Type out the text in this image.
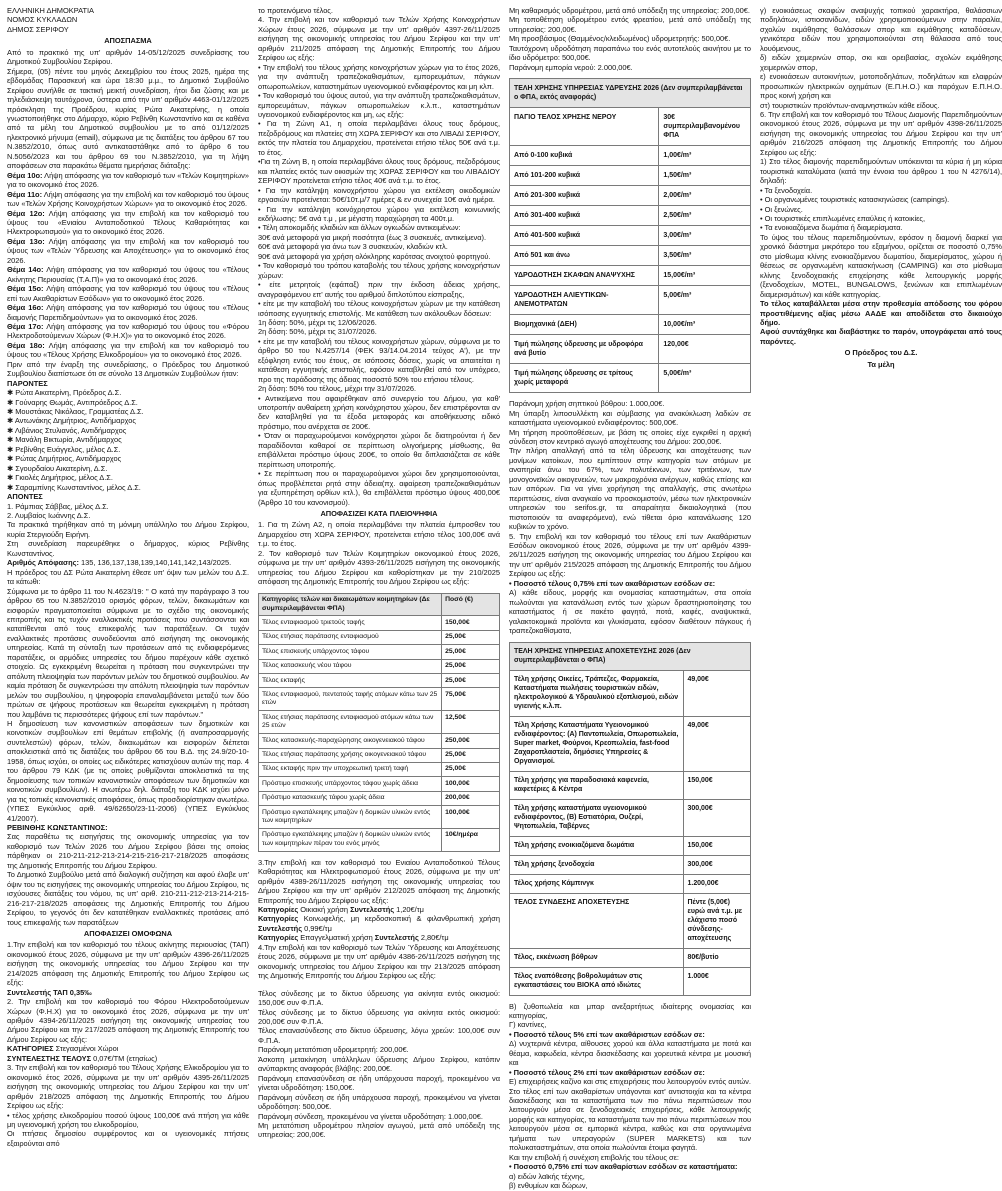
ΕΛΛΗΝΙΚΗ ΔΗΜΟΚΡΑΤΙΑ
ΝΟΜΟΣ ΚΥΚΛΑΔΩΝ
ΔΗΜΟΣ ΣΕΡΙΦΟΥ
ΑΠΟΣΠΑΣΜΑ
Από το πρακτικό της υπ' αριθμόν 14-05/12/2025 συνεδρίασης του Δημοτικού Συμβουλίου Σερίφου.
Σήμερα, (05) πέντε του μηνός Δεκεμβρίου του έτους 2025, ημέρα της εβδομάδας Παρασκευή και ώρα 18:30 μ.μ., το Δημοτικό Συμβούλιο Σερίφου συνήλθε σε τακτική μεικτή συνεδρίαση, ήτοι δια ζώσης και με τηλεδιάσκεψη ταυτόχρονα, ύστερα από την υπ' αριθμόν 4463-01/12/2025 πρόσκληση της Προέδρου, κυρίας Ρώτα Αικατερίνης, η οποία γνωστοποιήθηκε στο Δήμαρχο, κύριο Ρεβίνθη Κωνσταντίνο και σε καθένα από τα μέλη του Δημοτικού συμβουλίου με το από 01/12/2025 ηλεκτρονικό μήνυμα (email), σύμφωνα με τις διατάξεις του άρθρου 67 του Ν.3852/2010, όπως αυτό αντικαταστάθηκε από το άρθρο 6 του Ν.5056/2023 και του άρθρου 69 του Ν.3852/2010, για τη λήψη αποφάσεων στα παρακάτω θέματα ημερήσιας διάταξης:
Θέμα 10ο: Λήψη απόφασης για τον καθορισμό των «Τελών Κοιμητηρίων» για το οικονομικό έτος 2026.
Θέμα 11ο: Λήψη απόφασης για την επιβολή και τον καθορισμό του ύψους των «Τελών Χρήσης Κοινοχρήστων Χώρων» για το οικονομικό έτος 2026.
Θέμα 12ο: Λήψη απόφασης για την επιβολή και τον καθορισμό του ύψους του «Ενιαίου Ανταποδοτικού Τέλους Καθαριότητας και Ηλεκτροφωτισμού» για το οικονομικό έτος 2026.
Θέμα 13ο: Λήψη απόφασης για την επιβολή και τον καθορισμό του ύψους των «Τελών Ύδρευσης και Αποχέτευσης» για το οικονομικό έτος 2026.
Θέμα 14ο: Λήψη απόφασης για τον καθορισμό του ύψους του «Τέλους Ακίνητης Περιουσίας (Τ.Α.Π)» για το οικονομικό έτος 2026.
Θέμα 15ο: Λήψη απόφασης για τον καθορισμό του ύψους του «Τέλους επί των Ακαθαρίστων Εσόδων» για το οικονομικό έτος 2026.
Θέμα 16ο: Λήψη απόφασης για τον καθορισμό του ύψους του «Τέλους διαμονής Παρεπιδημούντων» για το οικονομικό έτος 2026.
Θέμα 17ο: Λήψη απόφασης για τον καθορισμό του ύψους του «Φόρου Ηλεκτροδοτούμενων Χώρων (Φ.Η.Χ)» για το οικονομικό έτος 2026.
Θέμα 18ο: Λήψη απόφασης για την επιβολή και τον καθορισμό του ύψους του «Τέλους Χρήσης Ελικοδρομίου» για το οικονομικό έτος 2026.
Πριν από την έναρξη της συνεδρίασης, ο Πρόεδρος του Δημοτικού Συμβουλίου διαπίστωσε ότι σε σύνολο 13 Δημοτικών Συμβούλων ήταν:
ΠΑΡΟΝΤΕΣ
✱ Ρώτα Αικατερίνη, Πρόεδρος Δ.Σ.
✱ Γούναρης Θωμάς, Αντιπρόεδρος Δ.Σ.
✱ Μουστάκας Νικόλαος, Γραμματέας Δ.Σ.
✱ Αντωνάκης Δημήτριος, Αντιδήμαρχος
✱ Λιβάνιος Στυλιανός, Αντιδήμαρχος
✱ Μανάλη Βικτωρία, Αντιδήμαρχος
✱ Ρεβίνθης Ευάγγελος, μέλος Δ.Σ.
✱ Ρώτας Δημήτριος, Αντιδήμαρχος
✱ Σγουρδαίου Αικατερίνη, Δ.Σ.
✱ Γκιολές Δημήτριος, μέλος Δ.Σ.
✱ Σαραμπίνης Κωνσταντίνος, μέλος Δ.Σ.
ΑΠΟΝΤΕΣ
1. Ράμπιας Σάββας, μέλος Δ.Σ.
2. Λυμβαίος Ιωάννης Δ.Σ.
Τα πρακτικά τηρήθηκαν από τη μόνιμη υπάλληλο του Δήμου Σερίφου, κυρία Στεργιούδη Ειρήνη.
Στη συνεδρίαση παρευρέθηκε ο δήμαρχος, κύριος Ρεβίνθης Κωνσταντίνος.
Αριθμός Απόφασης: 135, 136,137,138,139,140,141,142,143/2025.
Η πρόεδρος του ΔΣ Ρώτα Αικατερίνη έθεσε υπ' όψιν των μελών του Δ.Σ. τα κάτωθι:
Σύμφωνα με το άρθρο 11 του Ν.4623/19: " Ο κατά την παράγραφο 3 του άρθρου 65 του Ν.3852/2010 ορισμός φόρων, τελών, δικαιωμάτων και εισφορών πραγματοποιείται σύμφωνα με το σχέδιο της οικονομικής επιτροπής και τις τυχόν εναλλακτικές προτάσεις που συντάσσονται και κατατίθενται από τους επικεφαλής των παρατάξεων. Οι τυχόν εναλλακτικές προτάσεις συνοδεύονται από εισήγηση της οικονομικής υπηρεσίας. Κατά τη σύνταξη των προτάσεων από τις ενδιαφερόμενες παρατάξεις, οι αρμόδιες υπηρεσίες του δήμου παρέχουν κάθε σχετικό στοιχείο. Ως εγκεκριμένη θεωρείται η πρόταση που συγκεντρώνει την απόλυτη πλειοψηφία των παρόντων μελών του δημοτικού συμβουλίου. Αν καμία πρόταση δε συγκεντρώσει την απόλυτη πλειοψηφία των παρόντων μελών του συμβουλίου, η ψηφοφορία επαναλαμβάνεται μεταξύ των δύο πρώτων σε ψήφους προτάσεων και θεωρείται εγκεκριμένη η πρόταση που λαμβάνει τις περισσότερες ψήφους επί των παρόντων."
Η δημοσίευση των κανονιστικών αποφάσεων των δημοτικών και κοινοτικών συμβουλίων επί θεμάτων επιβολής (ή αναπροσαρμογής συντελεστών) φόρων, τελών, δικαιωμάτων και εισφορών διέπεται αποκλειστικά από τις διατάξεις του άρθρου 66 του Β.Δ. της 24.9/20-10-1958, όπως ισχύει, οι οποίες ως ειδικότερες κατισχύουν αυτών της παρ. 4 του άρθρου 79 ΚΔΚ (με τις οποίες ρυθμίζονται αποκλειστικά τα της δημοσίευσης των τοπικών κανονιστικών αποφάσεων των δημοτικών και κοινοτικών συμβουλίων). Η ανωτέρω δηλ. διάταξη του ΚΔΚ ισχύει μόνο για τις τοπικές κανονιστικές αποφάσεις, όπως προσδιορίστηκαν ανωτέρω. (ΥΠΕΣ Εγκύκλιος αριθ. 49/62650/23-11-2006) (ΥΠΕΣ Εγκύκλιος 41/2007).
ΡΕΒΙΝΘΗΣ ΚΩΝΣΤΑΝΤΙΝΟΣ:
Σας παραθέτω τις εισηγήσεις της οικονομικής υπηρεσίας για τον καθορισμό των Τελών 2026 του Δήμου Σερίφου βάσει της οποίας πάρθηκαν οι 210-211-212-213-214-215-216-217-218/2025 αποφάσεις της Δημοτικής Επιτροπής του Δήμου Σερίφου.
Το Δημοτικό Συμβούλιο μετά από διαλογική συζήτηση και αφού έλαβε υπ' όψιν του τις εισηγήσεις της οικονομικής υπηρεσίας του Δήμου Σερίφου, τις ισχύουσες διατάξεις του νόμου, τις υπ' αριθ. 210-211-212-213-214-215-216-217-218/2025 αποφάσεις της Δημοτικής Επιτροπής του Δήμου Σερίφου, το γεγονός ότι δεν κατατέθηκαν εναλλακτικές προτάσεις από τους επικεφαλής των παρατάξεων
ΑΠΟΦΑΣΙΖΕΙ ΟΜΟΦΩΝΑ
1.Την επιβολή και τον καθορισμό του τέλους ακίνητης περιουσίας (ΤΑΠ) οικονομικού έτους 2026, σύμφωνα με την υπ' αριθμών 4396-26/11/2025 εισήγηση της οικονομικής υπηρεσίας του Δήμου Σερίφου και την 214/2025 απόφαση της Δημοτικής Επιτροπής του Δήμου Σερίφου ως εξής:
Συντελεστής ΤΑΠ 0,35‰
2. Την επιβολή και τον καθορισμό του Φόρου Ηλεκτροδοτούμενων Χώρων (Φ.Η.Χ) για το οικονομικό έτος 2026, σύμφωνα με την υπ' αριθμόν 4394-26/11/2025 εισήγηση της οικονομικής υπηρεσίας του Δήμου Σερίφου και την 217/2025 απόφαση της Δημοτικής Επιτροπής του Δήμου Σερίφου ως εξής:
ΚΑΤΗΓΟΡΙΕΣ Στεγασμένοι Χώροι
ΣΥΝΤΕΛΕΣΤΗΣ ΤΕΛΟΥΣ 0,07€/ΤΜ (ετησίως)
3. Την επιβολή και τον καθορισμό του Τέλους Χρήσης Ελικοδρομίου για το οικονομικό έτος 2026, σύμφωνα με την υπ' αριθμόν 4395-26/11/2025 εισήγηση της οικονομικής υπηρεσίας του Δήμου Σερίφου και την υπ' αριθμόν 218/2025 απόφαση της Δημοτικής Επιτροπής του Δήμου Σερίφου ως εξής:
• τέλος χρήσης ελικοδρομίου ποσού ύψους 100,00€ ανά πτήση για κάθε μη υγειονομική χρήση του ελικοδρομίου,
Οι πτήσεις δημοσίου συμφέροντος και οι υγειονομικές πτήσεις εξαιρούνται από
το προτεινόμενο τέλος.
4. Την επιβολή και τον καθορισμό των Τελών Χρήσης Κοινοχρήστων Χώρων έτους 2026, σύμφωνα με την υπ' αριθμόν 4397-26/11/2025 εισήγηση της οικονομικής υπηρεσίας του Δήμου Σερίφου και την υπ' αριθμόν 211/2025 απόφαση της Δημοτικής Επιτροπής του Δήμου Σερίφου ως εξής:
• Την επιβολή του τέλους χρήσης κοινοχρήστων χώρων για το έτος 2026, για την ανάπτυξη τραπεζοκαθισμάτων, εμπορευμάτων, πάγκων οπωροπωλείων, καταστημάτων υγειονομικού ενδιαφέροντος και μη κλπ.
• Τον καθορισμό του ύψους αυτού, για την ανάπτυξη τραπεζοκαθισμάτων, εμπορευμάτων, πάγκων οπωροπωλείων κ.λ.π., καταστημάτων υγειονομικού ενδιαφέροντος και μη, ως εξής:
• Για τη Ζώνη Α1, η οποία περιλαμβάνει όλους τους δρόμους, πεζοδρόμους και πλατείες στη ΧΩΡΑ ΣΕΡΙΦΟΥ και στο ΛΙΒΑΔΙ ΣΕΡΙΦΟΥ, εκτός την πλατεία του Δημαρχείου, προτείνεται ετήσιο τέλος 50€ ανά τ.μ. το έτος.
•Για τη Ζώνη Β, η οποία περιλαμβάνει όλους τους δρόμους, πεζοδρόμους και πλατείες εκτός των οικισμών της ΧΩΡΑΣ ΣΕΡΙΦΟΥ και του ΛΙΒΑΔΙΟΥ ΣΕΡΙΦΟΥ προτείνεται ετήσιο τέλος 40€ ανά τ.μ. το έτος.
• Για την κατάληψη κοινοχρήστου χώρου για εκτέλεση οικοδομικών εργασιών προτείνεται: 50€/10τ.μ/7 ημέρες & εν συνεχεία 10€ ανά ημέρα.
• Για την κατάληψη κοινόχρηστου χώρου για εκτέλεση κοινωνικής εκδήλωσης: 5€ ανά τ.μ , με μέγιστη παραχώρηση τα 400τ.μ.
• Τέλη αποκομιδής κλαδιών και άλλων ογκωδών αντικειμένων:
30€ ανά μεταφορά για μικρή ποσότητα (έως 3 συσκευές, αντικείμενα).
60€ ανά μεταφορά για άνω των 3 συσκευών, κλαδιών κτλ.
90€ ανά μεταφορά για χρήση ολόκληρης καρότσας ανοιχτού φορτηγού.
• Τον καθορισμό του τρόπου καταβολής του τέλους χρήσης κοινοχρήστων χώρων:
• είτε μετρητοίς (εφάπαξ) πριν την έκδοση άδειας χρήσης, αναγραφόμενου επ' αυτής του αριθμού διπλοτύπου είσπραξης,
• είτε με την καταβολή του τέλους κοινοχρήστων χώρων με την κατάθεση ισόποσης εγγυητικής επιστολής. Με κατάθεση των ακόλουθων δόσεων:
1η δόση: 50%, μέχρι τις 12/06/2026.
2η δόση: 50%, μέχρι τις 31/07/2026.
• είτε με την καταβολή του τέλους κοινοχρήστων χώρων, σύμφωνα με το άρθρο 50 του Ν.4257/14 (ΦΕΚ 93/14.04.2014 τεύχος Α'), με την εξόφληση εντός του έτους, σε ισόποσες δόσεις, χωρίς να απαιτείται η κατάθεση εγγυητικής επιστολής, εφόσον καταβληθεί από τον υπόχρεο, προ της παράδοσης της άδειας ποσοστό 50% του ετήσιου τέλους.
2η δόση: 50% του τέλους, μέχρι την 31/07/2026.
• Αντικείμενα που αφαιρέθηκαν από συνεργείο του Δήμου, για καθ' υποτροπήν αυθαίρετη χρήση κοινόχρηστου χώρου, δεν επιστρέφονται αν δεν καταβληθεί για τα έξοδα μεταφοράς και αποθήκευσης ειδικό πρόστιμο, που ανέρχεται σε 200€.
• Όταν οι παραχωρούμενοι κοινόχρηστοι χώροι δε διατηρούνται ή δεν παραδίδονται καθαροί σε περίπτωση ολιγοήμερης μίσθωσης, θα επιβάλλεται πρόστιμο ύψους 200€, το οποίο θα διπλασιάζεται σε κάθε περίπτωση υποτροπής.
• Σε περίπτωση που οι παραχωρούμενοι χώροι δεν χρησιμοποιούνται, όπως προβλέπεται ρητά στην άδεια(πχ. αφαίρεση τραπεζοκαθισμάτων για εξυπηρέτηση ορθίων κτλ.), θα επιβάλλεται πρόστιμο ύψους 400,00€ (Άρθρο 10 του κανονισμού).
ΑΠΟΦΑΣΙΖΕΙ ΚΑΤΑ ΠΛΕΙΟΨΗΦΙΑ
1. Για τη Ζώνη Α2, η οποία περιλαμβάνει την πλατεία έμπροσθεν του Δημαρχείου στη ΧΩΡΑ ΣΕΡΙΦΟΥ, προτείνεται ετήσιο τέλος 100,00€ ανά τ.μ. το έτος.
2. Τον καθορισμό των Τελών Κοιμητηρίων οικονομικού έτους 2026, σύμφωνα με την υπ' αριθμόν 4393-26/11/2025 εισήγηση της οικονομικής υπηρεσίας του Δήμου Σερίφου και καθορίστηκαν με την 210/2025 απόφαση της Δημοτικής Επιτροπής του Δήμου Σερίφου ως εξής:
Κατηγορίες τελών και δικαιωμάτων κοιμητηρίων (Δε συμπεριλαμβάνεται ΦΠΑ)	Ποσό (€)
Τέλος ενταφιασμού τριετούς ταφής	150,00€
Τέλος ετήσιας παράτασης ενταφιασμού	25,00€
Τέλος επισκευής υπάρχοντος τάφου	25,00€
Τέλος κατασκευής νέου τάφου	25,00€
Τέλος εκταφής	25,00€
Τέλος ενταφιασμού, πεντατούς ταφής ατόμων κάτω των 25 ετών	75,00€
Τέλος ετήσιας παράτασης ενταφιασμού ατόμων κάτω των 25 ετών	12,50€
Τέλος κατασκευής-παραχώρησης οικογενειακού τάφου	250,00€
Τέλος ετήσιας παράτασης χρήσης οικογενειακού τάφου	25,00€
Τέλος εκταφής πριν την υποχρεωτική τριετή ταφή	25,00€
Πρόστιμο επισκευής υπάρχοντος τάφου χωρίς άδεια	100,00€
Πρόστιμο κατασκευής τάφου χωρίς άδεια	200,00€
Πρόστιμο εγκατάλειψης μπαζών ή δομικών υλικών εντός των κοιμητηρίων	100,00€
Πρόστιμο εγκατάλειψης μπαζών ή δομικών υλικών εντός των κοιμητηρίων πέραν του ενός μηνός	10€/ημέρα
3.Την επιβολή και τον καθορισμό του Ενιαίου Ανταποδοτικού Τέλους Καθαριότητας και Ηλεκτροφωτισμού έτους 2026, σύμφωνα με την υπ' αριθμόν 4389-26/11/2025 εισήγηση της οικονομικής υπηρεσίας του Δήμου Σερίφου και την υπ' αριθμόν 212/2025 απόφαση της Δημοτικής Επιτροπής του Δήμου Σερίφου ως εξής:
Κατηγορίες Οικιακή χρήση Συντελεστής 1,20€/τμ
Κατηγορίες Κοινωφελής, μη κερδοσκοπική & φιλανθρωπική χρήση Συντελεστής 0,99€/τμ
Κατηγορίες Επαγγελματική χρήση Συντελεστής 2,80€/τμ
4.Την επιβολή και τον καθορισμό των Τελών Ύδρευσης και Αποχέτευσης έτους 2026, σύμφωνα με την υπ' αριθμόν 4386-26/11/2025 εισήγηση της οικονομικής υπηρεσίας του Δήμου Σερίφου και την 213/2025 απόφαση της Δημοτικής Επιτροπής του Δήμου Σερίφου ως εξής:
Τέλος σύνδεσης με το δίκτυο ύδρευσης για ακίνητα εντός οικισμού: 150,00€ συν Φ.Π.Α.
Τέλος σύνδεσης με το δίκτυο ύδρευσης για ακίνητα εκτός οικισμού: 200,00€ συν Φ.Π.Α.
Τέλος επανασύνδεσης στο δίκτυο ύδρευσης, λόγω χρεών: 100,00€ συν Φ.Π.Α.
Παράνομη μετατόπιση υδρομετρητή: 200,00€.
Άσκοπη μετακίνηση υπάλληλων ύδρευσης Δήμου Σερίφου, κατόπιν ανύπαρκτης αναφοράς βλάβης: 200,00€.
Παράνομη επανασύνδεση σε ήδη υπάρχουσα παροχή, προκειμένου να γίνεται υδροδότηση: 150,00€.
Παράνομη σύνδεση σε ήδη υπάρχουσα παροχή, προκειμένου να γίνεται υδροδότηση: 500,00€.
Παράνομη σύνδεση, προκειμένου να γίνεται υδροδότηση: 1.000,00€.
Μη μετατόπιση υδρομέτρου πλησίον αγωγού, μετά από υπόδειξη της υπηρεσίας: 200,00€.
Μη καθαρισμός υδρομέτρου, μετά από υπόδειξη της υπηρεσίας: 200,00€.
Μη τοποθέτηση υδρομέτρου εντός φρεατίου, μετά από υπόδειξη της υπηρεσίας: 200,00€.
Μη προσβάσιμος (Θαμμένος/κλειδωμένος) υδρομετρητής: 500,00€.
Ταυτόχρονη υδροδότηση παραπάνω του ενός αυτοτελούς ακινήτου με το ίδιο υδρόμετρο: 500,00€.
Παράνομη εμπορία νερού: 2.000,00€.
ΤΕΛΗ ΧΡΗΣΗΣ ΥΠΗΡΕΣΙΑΣ ΥΔΡΕΥΣΗΣ 2026 (Δεν συμπεριλαμβάνεται ο ΦΠΑ, εκτός αναφοράς)	
ΠΑΓΙΟ ΤΕΛΟΣ ΧΡΗΣΗΣ ΝΕΡΟΥ	30€ συμπεριλαμβανομένου ΦΠΑ
Από 0-100 κυβικά	1,00€/m³
Από 101-200 κυβικά	1,50€/m³
Από 201-300 κυβικά	2,00€/m³
Από 301-400 κυβικά	2,50€/m³
Από 401-500 κυβικά	3,00€/m³
Από 501 και άνω	3,50€/m³
ΥΔΡΟΔΟΤΗΣΗ ΣΚΑΦΩΝ ΑΝΑΨΥΧΗΣ	15,00€/m³
ΥΔΡΟΔΟΤΗΣΗ ΑΛΙΕΥΤΙΚΩΝ-ΑΝΕΜΟΤΡΑΤΩΝ	5,00€/m³
Βιομηχανικά (ΔΕΗ)	10,00€/m³
Τιμή πώλησης ύδρευσης με υδροφόρα ανά βυτίο	120,00€
Τιμή πώλησης ύδρευσης σε τρίτους χωρίς μεταφορά	5,00€/m³
Παράνομη χρήση σηπτικού βόθρου: 1.000,00€.
Μη ύπαρξη λιποσυλλέκτη και σύμβασης για ανακύκλωση λαδιών σε καταστήματα υγειονομικού ενδιαφέροντος: 500,00€.
Μη τήρηση προϋποθέσεων, με βάση τις οποίες είχε εγκριθεί η αρχική σύνδεση στον κεντρικό αγωγό αποχέτευσης του Δήμου: 200,00€.
Την πλήρη απαλλαγή από τα τέλη ύδρευσης και αποχέτευσης των μονίμων κατοίκων, που εμπίπτουν στην κατηγορία των ατόμων με αναπηρία άνω του 67%, των πολυτέκνων, των τριτέκνων, των μονογονεϊκών οικογενειών, των μακροχρόνια ανέργων, καθώς επίσης και των απόρων. Για να γίνει χορήγηση της απαλλαγής, στις ανωτέρω περιπτώσεις, είναι αναγκαίο να προσκομιστούν, μέσω των ηλεκτρονικών υπηρεσιών του serifos.gr, τα απαραίτητα δικαιολογητικά (που πιστοποιούν τα αναφερόμενα), ενώ τίθεται όριο κατανάλωσης 120 κυβικών το χρόνο.
5. Την επιβολή και τον καθορισμό του τέλους επί των Ακαθάριστων Εσόδων οικονομικού έτους 2026, σύμφωνα με την υπ' αριθμόν 4399-26/11/2025 εισήγηση της οικονομικής υπηρεσίας του Δήμου Σερίφου και την υπ' αριθμόν 215/2025 απόφαση της Δημοτικής Επιτροπής του Δήμου Σερίφου ως εξής:
• Ποσοστό τέλους 0,75% επί των ακαθάριστων εσόδων σε:
Α) κάθε είδους, μορφής και ονομασίας καταστημάτων, στα οποία πωλούνται για κατανάλωση εντός των χώρων δραστηριοποίησης του καταστήματος ή σε πακέτο φαγητά, ποτά, καφές, αναψυκτικά, γαλακτοκομικά προϊόντα και γλυκίσματα, εφόσον διαθέτουν πάγκους ή τραπεζοκαθίσματα,
ΤΕΛΗ ΧΡΗΣΗΣ ΥΠΗΡΕΣΙΑΣ ΑΠΟΧΕΤΕΥΣΗΣ 2026 (Δεν συμπεριλαμβάνεται ο ΦΠΑ)	
Τέλη χρήσης Οικείες, Τράπεζες, Φαρμακεία, Καταστήματα πωλήσεις τουριστικών ειδών, ηλεκτρολογικού & Υδραυλικού εξοπλισμού, ειδών υγιεινής κ.λ.π.	49,00€
Τέλη Χρήσης Καταστήματα Υγειονομικού ενδιαφέροντος: (Α) Παντοπωλεία, Οπωροπωλεία, Super market, Φούρνοι, Κρεοπωλεία, fast-food Ζαχαροπλαστεία, δημόσιες Υπηρεσίες & Οργανισμοί.	49,00€
Τέλη χρήσης για παραδοσιακά καφενεία, καφετέριες & Κέντρα	150,00€
Τέλη χρήσης καταστήματα υγειονομικού ενδιαφέροντος, (Β) Εστιατόρια, Ουζερί, Ψητοπωλεία, Ταβέρνες	300,00€
Τέλη χρήσης ενοικιαζόμενα δωμάτια	150,00€
Τέλη χρήσης ξενοδοχεία	300,00€
Τέλος χρήσης Κάμπινγκ	1.200,00€
ΤΕΛΟΣ ΣΥΝΔΕΣΗΣ ΑΠΟΧΕΤΕΥΣΗΣ	Πέντε (5,00€) ευρώ ανά τ.μ. με ελάχιστο ποσό σύνδεσης-αποχέτευσης
Τέλος, εκκένωση βόθρων	80€/βυτίο
Τέλος εναπόθεσης βοθρολυμάτων στις εγκαταστάσεις του ΒΙΟΚΑ από ιδιώτες	1.000€
Β) ζυθοπωλεία και μπαρ ανεξαρτήτως ιδιαίτερης ονομασίας και κατηγορίας,
Γ) καντίνες,
• Ποσοστό τέλους 5% επί των ακαθάριστων εσόδων σε:
Δ) νυχτερινά κέντρα, αίθουσες χορού και άλλα καταστήματα με ποτά και θέαμα, καφωδεία, κέντρα διασκέδασης και χορευτικά κέντρα με μουσική και
• Ποσοστό τέλους 2% επί των ακαθάριστων εσόδων σε:
Ε) επιχειρήσεις καζίνο και στις επιχειρήσεις που λειτουργούν εντός αυτών.
Στο τέλος επί των ακαθαρίστων υπάγονται κατ' αντιστοιχία και τα κέντρα διασκέδασης και τα καταστήματα των πιο πάνω περιπτώσεων που λειτουργούν μέσα σε ξενοδοχειακές επιχειρήσεις, κάθε λειτουργικής μορφής και κατηγορίας, τα καταστήματα των πιο πάνω περιπτώσεων που λειτουργούν μέσα σε εμπορικά κέντρα, καθώς και στα οργανωμένα τμήματα των υπεραγορών (SUPER MARKETS) και των πολυκαταστημάτων, στα οποία πωλούνται έτοιμα φαγητά.
Και την επιβολή ή συνέχιση επιβολής του τέλους σε:
• Ποσοστό 0,75% επί των ακαθαρίστων εσόδων σε καταστήματα:
α) ειδών λαϊκής τέχνης,
β) ενθυμίων και δώρων,
γ) ενοικιάσεως σκαφών αναψυχής τοπικού χαρακτήρα, θαλάσσιων ποδηλάτων, ιστιοσανίδων, ειδών χρησιμοποιούμενων στην παραλία, σχολών εκμάθησης θαλάσσιων σπορ και εκμάθησης καταδύσεων, γενικότερα ειδών που χρησιμοποιούνται στη θάλασσα από τους λουόμενους,
δ) ειδών χειμερινών σπορ, σκι και ορειβασίας, σχολών εκμάθησης χειμερινών σπορ,
ε) ενοικιάσεων αυτοκινήτων, μοτοποδηλάτων, ποδηλάτων και ελαφρών προσωπικών ηλεκτρικών οχημάτων (Ε.Π.Η.Ο.) και παρόχων Ε.Π.Η.Ο. προς κοινή χρήση και
στ) τουριστικών προϊόντων-αναμνηστικών κάθε είδους.
6. Την επιβολή και τον καθορισμό του Τέλους Διαμονής Παρεπιδημούντων οικονομικού έτους 2026, σύμφωνα με την υπ' αριθμόν 4398-26/11/2025 εισήγηση της οικονομικής υπηρεσίας του Δήμου Σερίφου και την υπ' αριθμόν 216/2025 απόφαση της Δημοτικής Επιτροπής του Δήμου Σερίφου ως εξής:
1) Στο τέλος διαμονής παρεπιδημούντων υπόκεινται τα κύρια ή μη κύρια τουριστικά καταλύματα (κατά την έννοια του άρθρου 1 του Ν 4276/14), δηλαδή:
• Τα ξενοδοχεία.
• Οι οργανωμένες τουριστικές κατασκηνώσεις (campings).
• Οι ξενώνες.
• Οι τουριστικές επιπλωμένες επαύλεις ή κατοικίες,
• Τα ενοικιαζόμενα δωμάτια ή διαμερίσματα.
Το ύψος του τέλους παρεπιδημούντων, εφόσον η διαμονή διαρκεί για χρονικό διάστημα μικρότερο του εξαμήνου, ορίζεται σε ποσοστό 0,75% στο μίσθωμα κλίνης ενοικιαζόμενου δωματίου, διαμερίσματος, χώρου ή θέσεως σε οργανωμένη κατασκήνωση (CAMPING) και στο μίσθωμα κλίνης ξενοδοχειακής επιχείρησης κάθε λειτουργικής μορφής (ξενοδοχείων, MOTEL, BUNGALOWS, ξενώνων και επιπλωμένων διαμερισμάτων) και κάθε κατηγορίας.
Το τέλος καταβάλλεται μέσα στην προθεσμία απόδοσης του φόρου προστιθέμενης αξίας μέσω ΑΑΔΕ και αποδίδεται στο δικαιούχο δήμο.
Αφού συντάχθηκε και διαβάστηκε το παρόν, υπογράφεται από τους παρόντες.
Ο Πρόεδρος του Δ.Σ.
Τα μέλη
